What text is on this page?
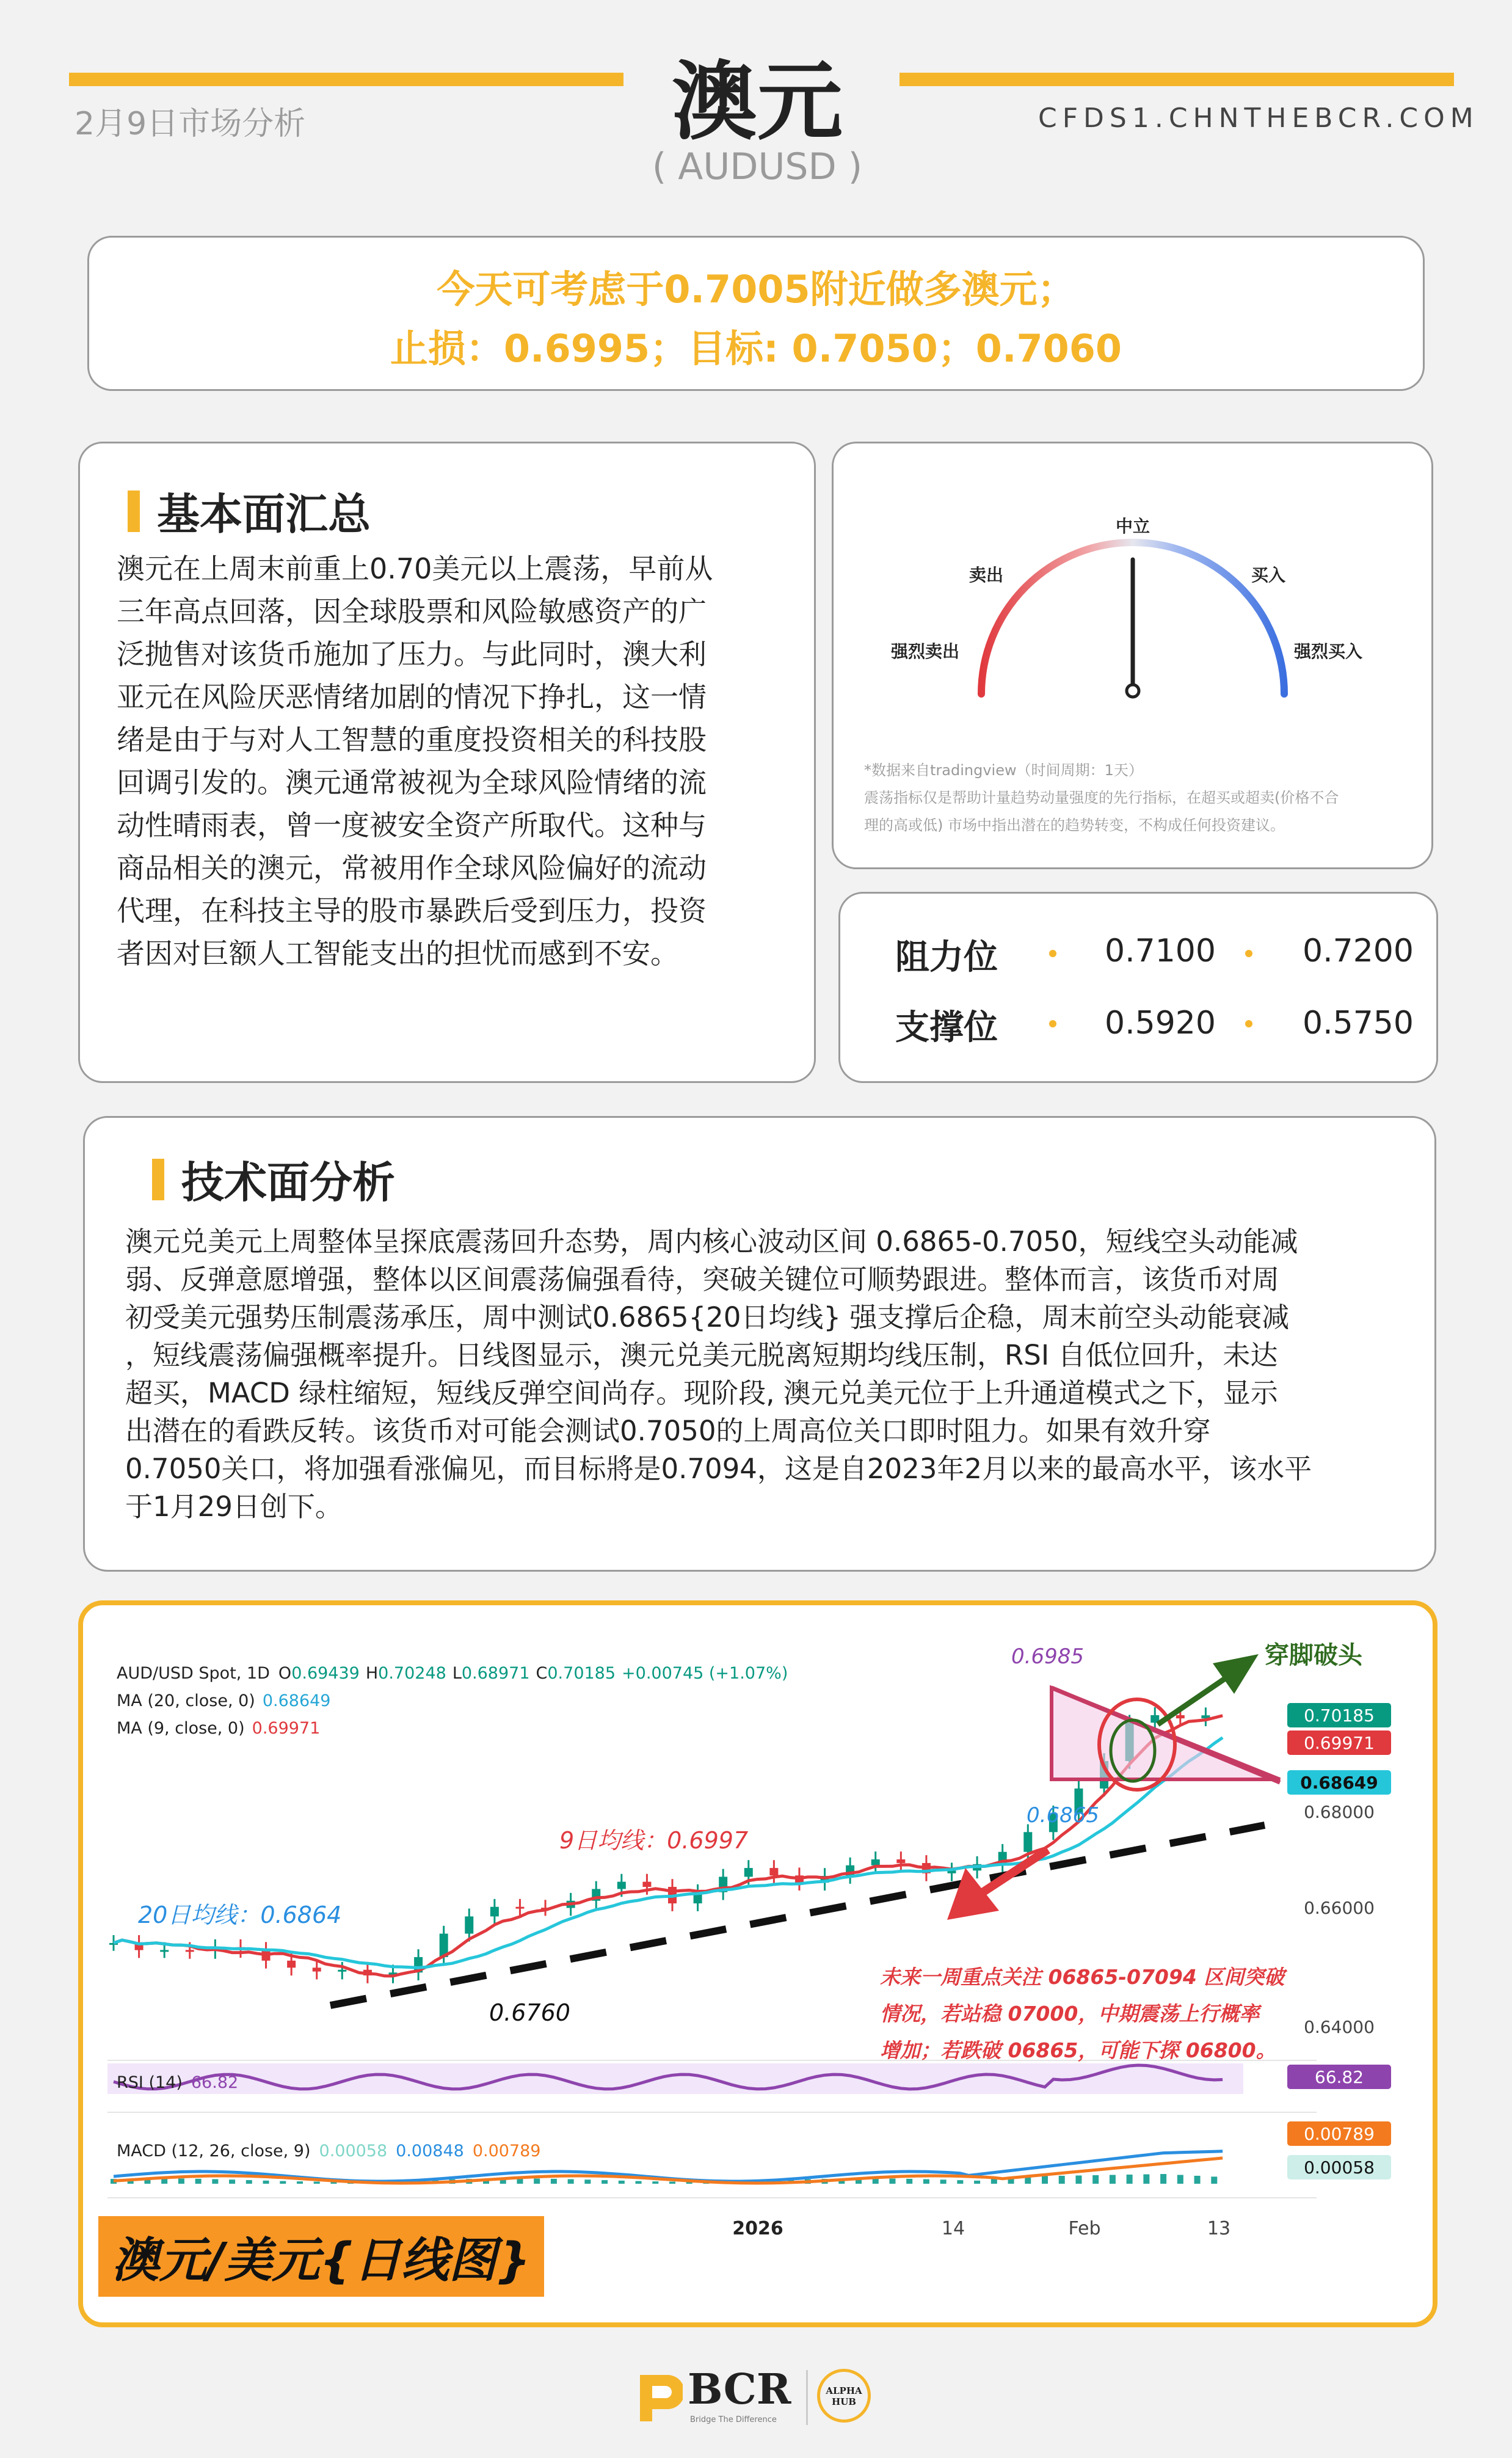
2月9日市场分析	澳元
( AUDUSD )
CFDS1.CHNTHEBCR.COM
今天可考虑于0.7005附近做多澳元；
止损：0.6995；目标: 0.7050；0.7060
基本面汇总
澳元在上周末前重上0.70美元以上震荡，早前从
三年高点回落，因全球股票和风险敏感资产的广
泛抛售对该货币施加了压力。与此同时，澳大利
亚元在风险厌恶情绪加剧的情况下挣扎，这一情
绪是由于与对人工智慧的重度投资相关的科技股
回调引发的。澳元通常被视为全球风险情绪的流
动性晴雨表，曾一度被安全资产所取代。这种与
商品相关的澳元，常被用作全球风险偏好的流动
代理，在科技主导的股市暴跌后受到压力，投资
者因对巨额人工智能支出的担忧而感到不安。
中立
卖出	买入
强烈卖出	强烈买入
*数据来自tradingview（时间周期：1天）
震荡指标仅是帮助计量趋势动量强度的先行指标，在超买或超卖(价格不合
理的高或低) 市场中指出潜在的趋势转变，不构成任何投资建议。
阻力位	0.7100	0.7200
支撑位	0.5920	0.5750
技术面分析
澳元兑美元上周整体呈探底震荡回升态势，周内核心波动区间 0.6865-0.7050，短线空头动能减
弱、反弹意愿增强，整体以区间震荡偏强看待，突破关键位可顺势跟进。整体而言，该货币对周
初受美元强势压制震荡承压，周中测试0.6865{20日均线} 强支撑后企稳，周末前空头动能衰减
，短线震荡偏强概率提升。日线图显示，澳元兑美元脱离短期均线压制，RSI 自低位回升，未达
超买，MACD 绿柱缩短，短线反弹空间尚存。现阶段, 澳元兑美元位于上升通道模式之下，显示
出潜在的看跌反转。该货币对可能会测试0.7050的上周高位关口即时阻力。如果有效升穿
0.7050关口，将加强看涨偏见，而目标將是0.7094，这是自2023年2月以来的最高水平，该水平
于1月29日创下。
AUD/USD Spot, 1D O0.69439 H0.70248 L0.68971 C0.70185 +0.00745 (+1.07%)
MA (20, close, 0) 0.68649
MA (9, close, 0) 0.69971
0.70185
0.69971
0.68649
0.68000
0.66000
0.64000
66.82
0.00789
0.00058
RSI (14) 66.82
MACD (12, 26, close, 9) 0.00058 0.00848 0.00789
2026	14	Feb	13
0.6985	穿脚破头
0.6865
9日均线：0.6997
20日均线：0.6864
0.6760
未来一周重点关注 06865-07094 区间突破
情况，若站稳 07000，中期震荡上行概率
增加；若跌破 06865，可能下探 06800。
澳元/美元{日线图}
BCR
Bridge The Difference
ALPHA
HUB
